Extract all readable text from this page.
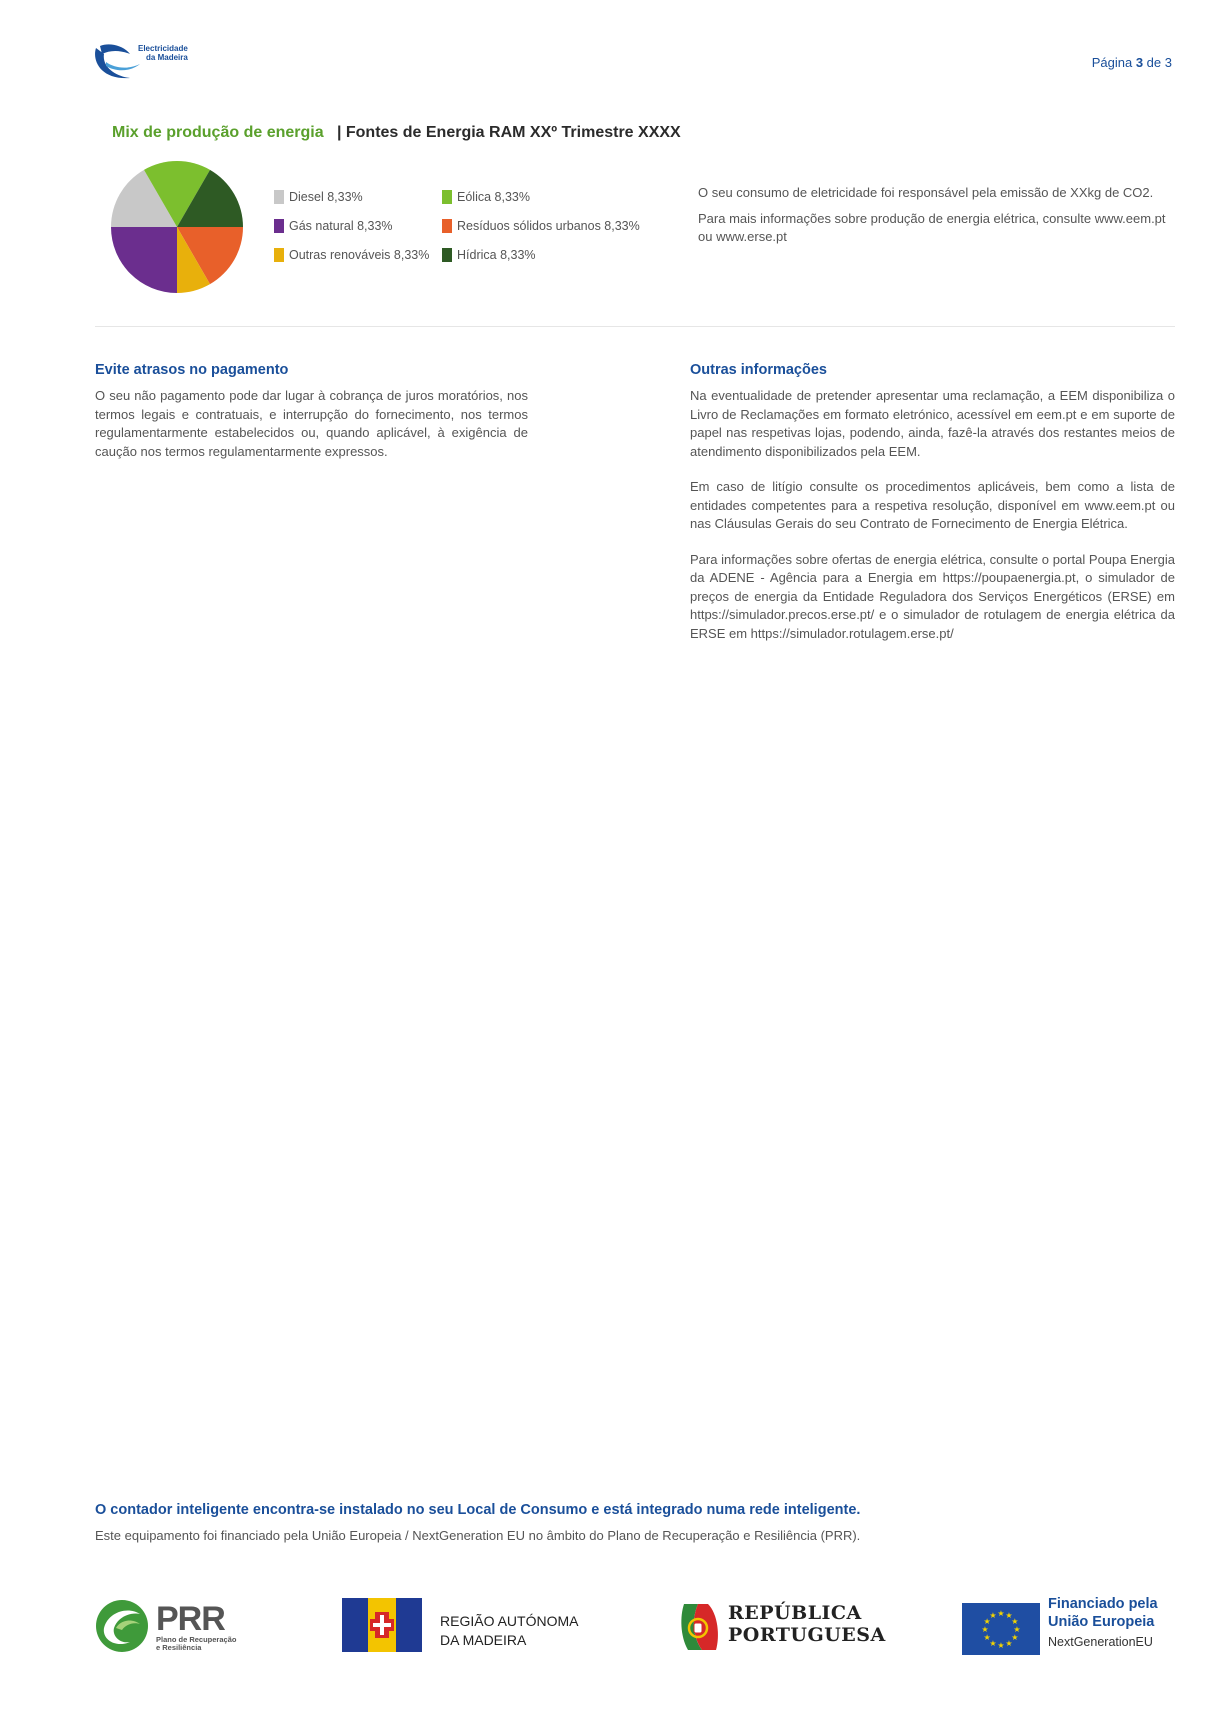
Electricidade
da Madeira	Página 3 de 3
Mix de produção de energia | Fontes de Energia RAM XXº Trimestre XXXX
Diesel 8,33%	Eólica 8,33%
Gás natural 8,33%	Resíduos sólidos urbanos 8,33%
Outras renováveis 8,33%	Hídrica 8,33%

O seu consumo de eletricidade foi responsável pela emissão de XXkg de CO2.

Para mais informações sobre produção de energia elétrica, consulte www.eem.pt ou www.erse.pt

Evite atrasos no pagamento
O seu não pagamento pode dar lugar à cobrança de juros moratórios, nos termos legais e contratuais, e interrupção do fornecimento, nos termos regulamentarmente estabelecidos ou, quando aplicável, à exigência de caução nos termos regulamentarmente expressos.
Outras informações

Na eventualidade de pretender apresentar uma reclamação, a EEM disponibiliza o Livro de Reclamações em formato eletrónico, acessível em eem.pt e em suporte de papel nas respetivas lojas, podendo, ainda, fazê-la através dos restantes meios de atendimento disponibilizados pela EEM.

Em caso de litígio consulte os procedimentos aplicáveis, bem como a lista de entidades competentes para a respetiva resolução, disponível em www.eem.pt ou nas Cláusulas Gerais do seu Contrato de Fornecimento de Energia Elétrica.

Para informações sobre ofertas de energia elétrica, consulte o portal Poupa Energia da ADENE - Agência para a Energia em https://poupaenergia.pt, o simulador de preços de energia da Entidade Reguladora dos Serviços Energéticos (ERSE) em https://simulador.precos.erse.pt/ e o simulador de rotulagem de energia elétrica da ERSE em https://simulador.rotulagem.erse.pt/

O contador inteligente encontra-se instalado no seu Local de Consumo e está integrado numa rede inteligente.
Este equipamento foi financiado pela União Europeia / NextGeneration EU no âmbito do Plano de Recuperação e Resiliência (PRR).
PRR
Plano de Recuperação
e Resiliência
REGIÃO AUTÓNOMA
DA MADEIRA
REPÚBLICA
PORTUGUESA	★
★
★
★
★
★
★
★
★ ★ ★
★
Financiado pela
União Europeia
NextGenerationEU
